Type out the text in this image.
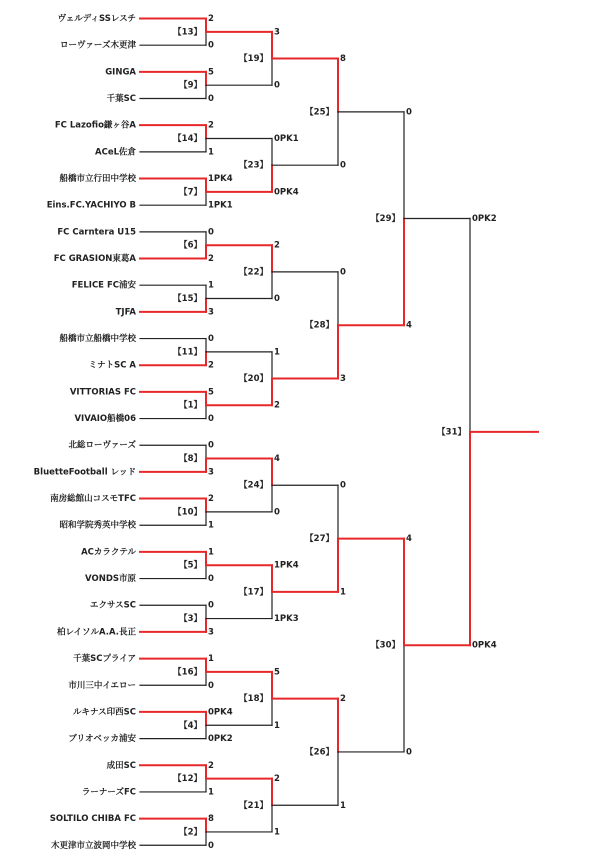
ヴェルディSSレスチ
ローヴァーズ木更津
GINGA
千葉SC
FC Lazofio鎌ヶ谷A
ACeL佐倉
船橋市立行田中学校
Eins.FC.YACHIYO B
FC Carntera U15
FC GRASION東葛A
FELICE FC浦安
TJFA
船橋市立船橋中学校
ミナトSC A
VITTORIAS FC
VIVAIO船橋06
北総ローヴァーズ
BluetteFootball レッド
南房総館山コスモTFC
昭和学院秀英中学校
ACカラクテル
VONDS市原
エクサスSC
柏レイソルA.A.長正
千葉SCプライア
市川三中イエロー
ルキナス印西SC
ブリオベッカ浦安
成田SC
ラーナーズFC
SOLTILO CHIBA FC
木更津市立波岡中学校
2
0
【13】
5
0
【9】
2
1
【14】
1PK4
1PK1
【7】
0
2
【6】
1
3
【15】
0
2
【11】
5
0
【1】
0
3
【8】
2
1
【10】
1
0
【5】
0
3
【3】
1
0
【16】
0PK4
0PK2
【4】
2
1
【12】
8
0
【2】
3
0
【19】
0PK1
0PK4
【23】
2
0
【22】
1
2
【20】
4
0
【24】
1PK4
1PK3
【17】
5
1
【18】
2
1
【21】
8
0
【25】
0
3
【28】
0
1
【27】
2
1
【26】
0
4
【29】
4
0
【30】
0PK2
0PK4
【31】
